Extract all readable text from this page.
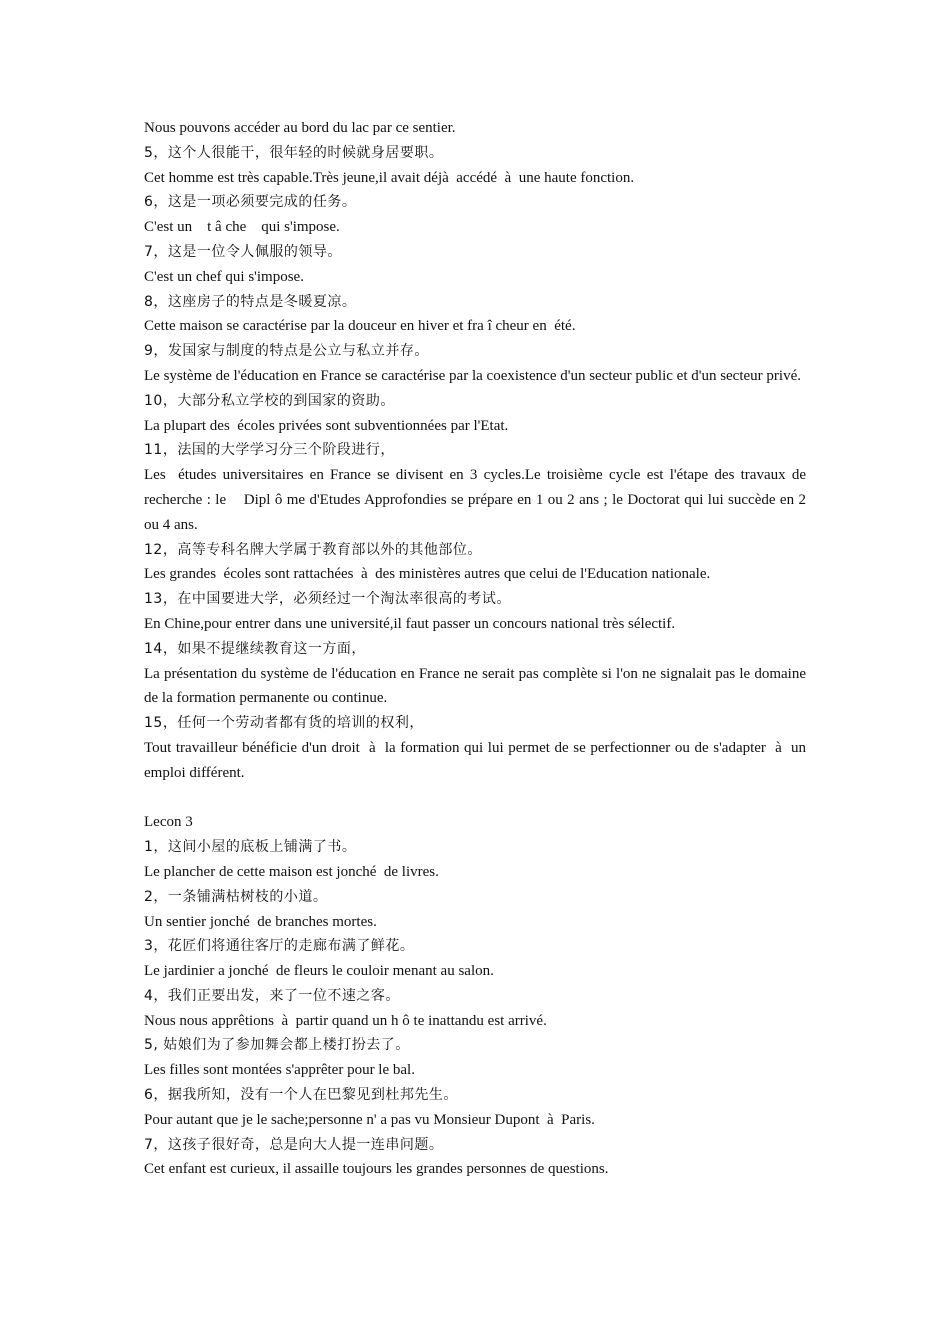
Nous pouvons accéder au bord du lac par ce sentier.
5，这个人很能干，很年轻的时候就身居要职。
Cet homme est très capable.Très jeune,il avait déjà  accédé  à  une haute fonction.
6，这是一项必须要完成的任务。
C'est un    t â che    qui s'impose.
7，这是一位令人佩服的领导。
C'est un chef qui s'impose.
8，这座房子的特点是冬暖夏凉。
Cette maison se caractérise par la douceur en hiver et fra î cheur en  été.
9，发国家与制度的特点是公立与私立并存。
Le système de l'éducation en France se caractérise par la coexistence d'un secteur public et d'un secteur privé.
10，大部分私立学校的到国家的资助。
La plupart des  écoles privées sont subventionnées par l'Etat.
11，法国的大学学习分三个阶段进行，
Les  études universitaires en France se divisent en 3 cycles.Le troisième cycle est l'étape des travaux de recherche : le    Dipl ô me d'Etudes Approfondies se prépare en 1 ou 2 ans ; le Doctorat qui lui succède en 2 ou 4 ans.
12，高等专科名牌大学属于教育部以外的其他部位。
Les grandes  écoles sont rattachées  à  des ministères autres que celui de l'Education nationale.
13，在中国要进大学，必须经过一个淘汰率很高的考试。
En Chine,pour entrer dans une université,il faut passer un concours national très sélectif.
14，如果不提继续教育这一方面，
La présentation du système de l'éducation en France ne serait pas complète si l'on ne signalait pas le domaine de la formation permanente ou continue.
15，任何一个劳动者都有货的培训的权利，
Tout travailleur bénéficie d'un droit  à  la formation qui lui permet de se perfectionner ou de s'adapter  à  un emploi différent.
Lecon 3
1，这间小屋的底板上铺满了书。
Le plancher de cette maison est jonché  de livres.
2，一条铺满枯树枝的小道。
Un sentier jonché  de branches mortes.
3，花匠们将通往客厅的走廊布满了鲜花。
Le jardinier a jonché  de fleurs le couloir menant au salon.
4，我们正要出发，来了一位不速之客。
Nous nous apprêtions  à  partir quand un h ô te inattandu est arrivé.
5, 姑娘们为了参加舞会都上楼打扮去了。
Les filles sont montées s'apprêter pour le bal.
6，据我所知，没有一个人在巴黎见到杜邦先生。
Pour autant que je le sache;personne n' a pas vu Monsieur Dupont  à  Paris.
7，这孩子很好奇，总是向大人提一连串问题。
Cet enfant est curieux, il assaille toujours les grandes personnes de questions.
